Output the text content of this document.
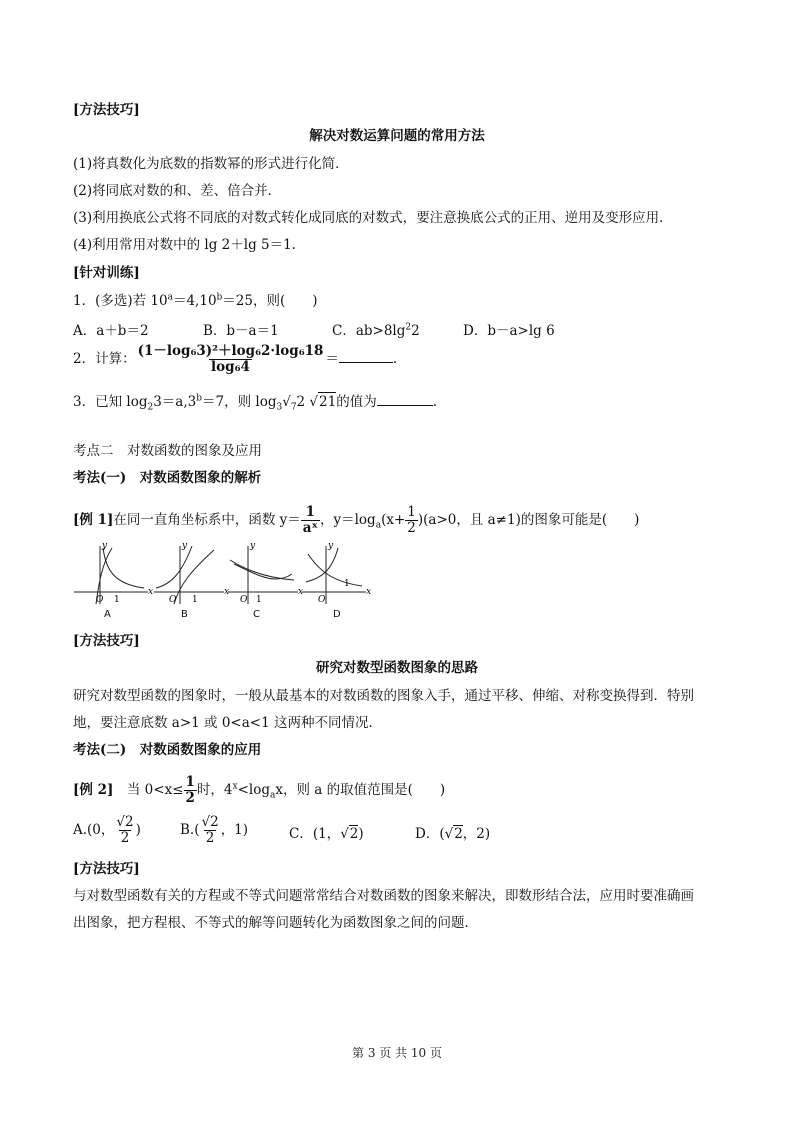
[方法技巧]
解决对数运算问题的常用方法
(1)将真数化为底数的指数幂的形式进行化简．
(2)将同底对数的和、差、倍合并．
(3)利用换底公式将不同底的对数式转化成同底的对数式，要注意换底公式的正用、逆用及变形应用．
(4)利用常用对数中的 lg 2＋lg 5＝1.
[针对训练]
1．(多选)若 $10^a=4,10^b=25$，则(　　)
A．a＋b＝2	B．b－a＝1	C．$ab>8\lg^22$	D．b－a>lg 6
2．计算： $\frac{\text{(1－log₆3)²＋log₆2·log₆18}}{\text{log₆4}}$ ＝	.
3．已知 $\log_23=a,3^b=7$，则 $\log_3√_72$ √21的值为	.
考点二　对数函数的图象及应用
考法(一)　对数函数图象的解析
[例 1]在同一直角坐标系中，函数 $y= \frac{1}{\text{aˣ}}$ ，$y=\log_a(x+ \frac{1}{2} )(a>0$，且 a≠1)的图象可能是(　　)
O 1
x
y
A
O 1
x
y
B
O 1
x
y
C
O
1
x
y
D
[方法技巧]
研究对数型函数图象的思路
研究对数型函数的图象时，一般从最基本的对数函数的图象入手，通过平移、伸缩、对称变换得到．特别
地，要注意底数 a>1 或 0<a<1 这两种不同情况．
考法(二)　对数函数图象的应用
[例 2]　当 $0<x\le \frac{1}{2}$ 时，$4^x<\log_ax$，则 a 的取值范围是(　　)
A.(0， $\frac{√2}{2}$ )	$B.( \frac{√2}{2}$ ，1)	C．(1，√2)	D．(√2，2)
[方法技巧]
与对数型函数有关的方程或不等式问题常常结合对数函数的图象来解决，即数形结合法，应用时要准确画
出图象，把方程根、不等式的解等问题转化为函数图象之间的问题．
第 3 页 共 10 页
